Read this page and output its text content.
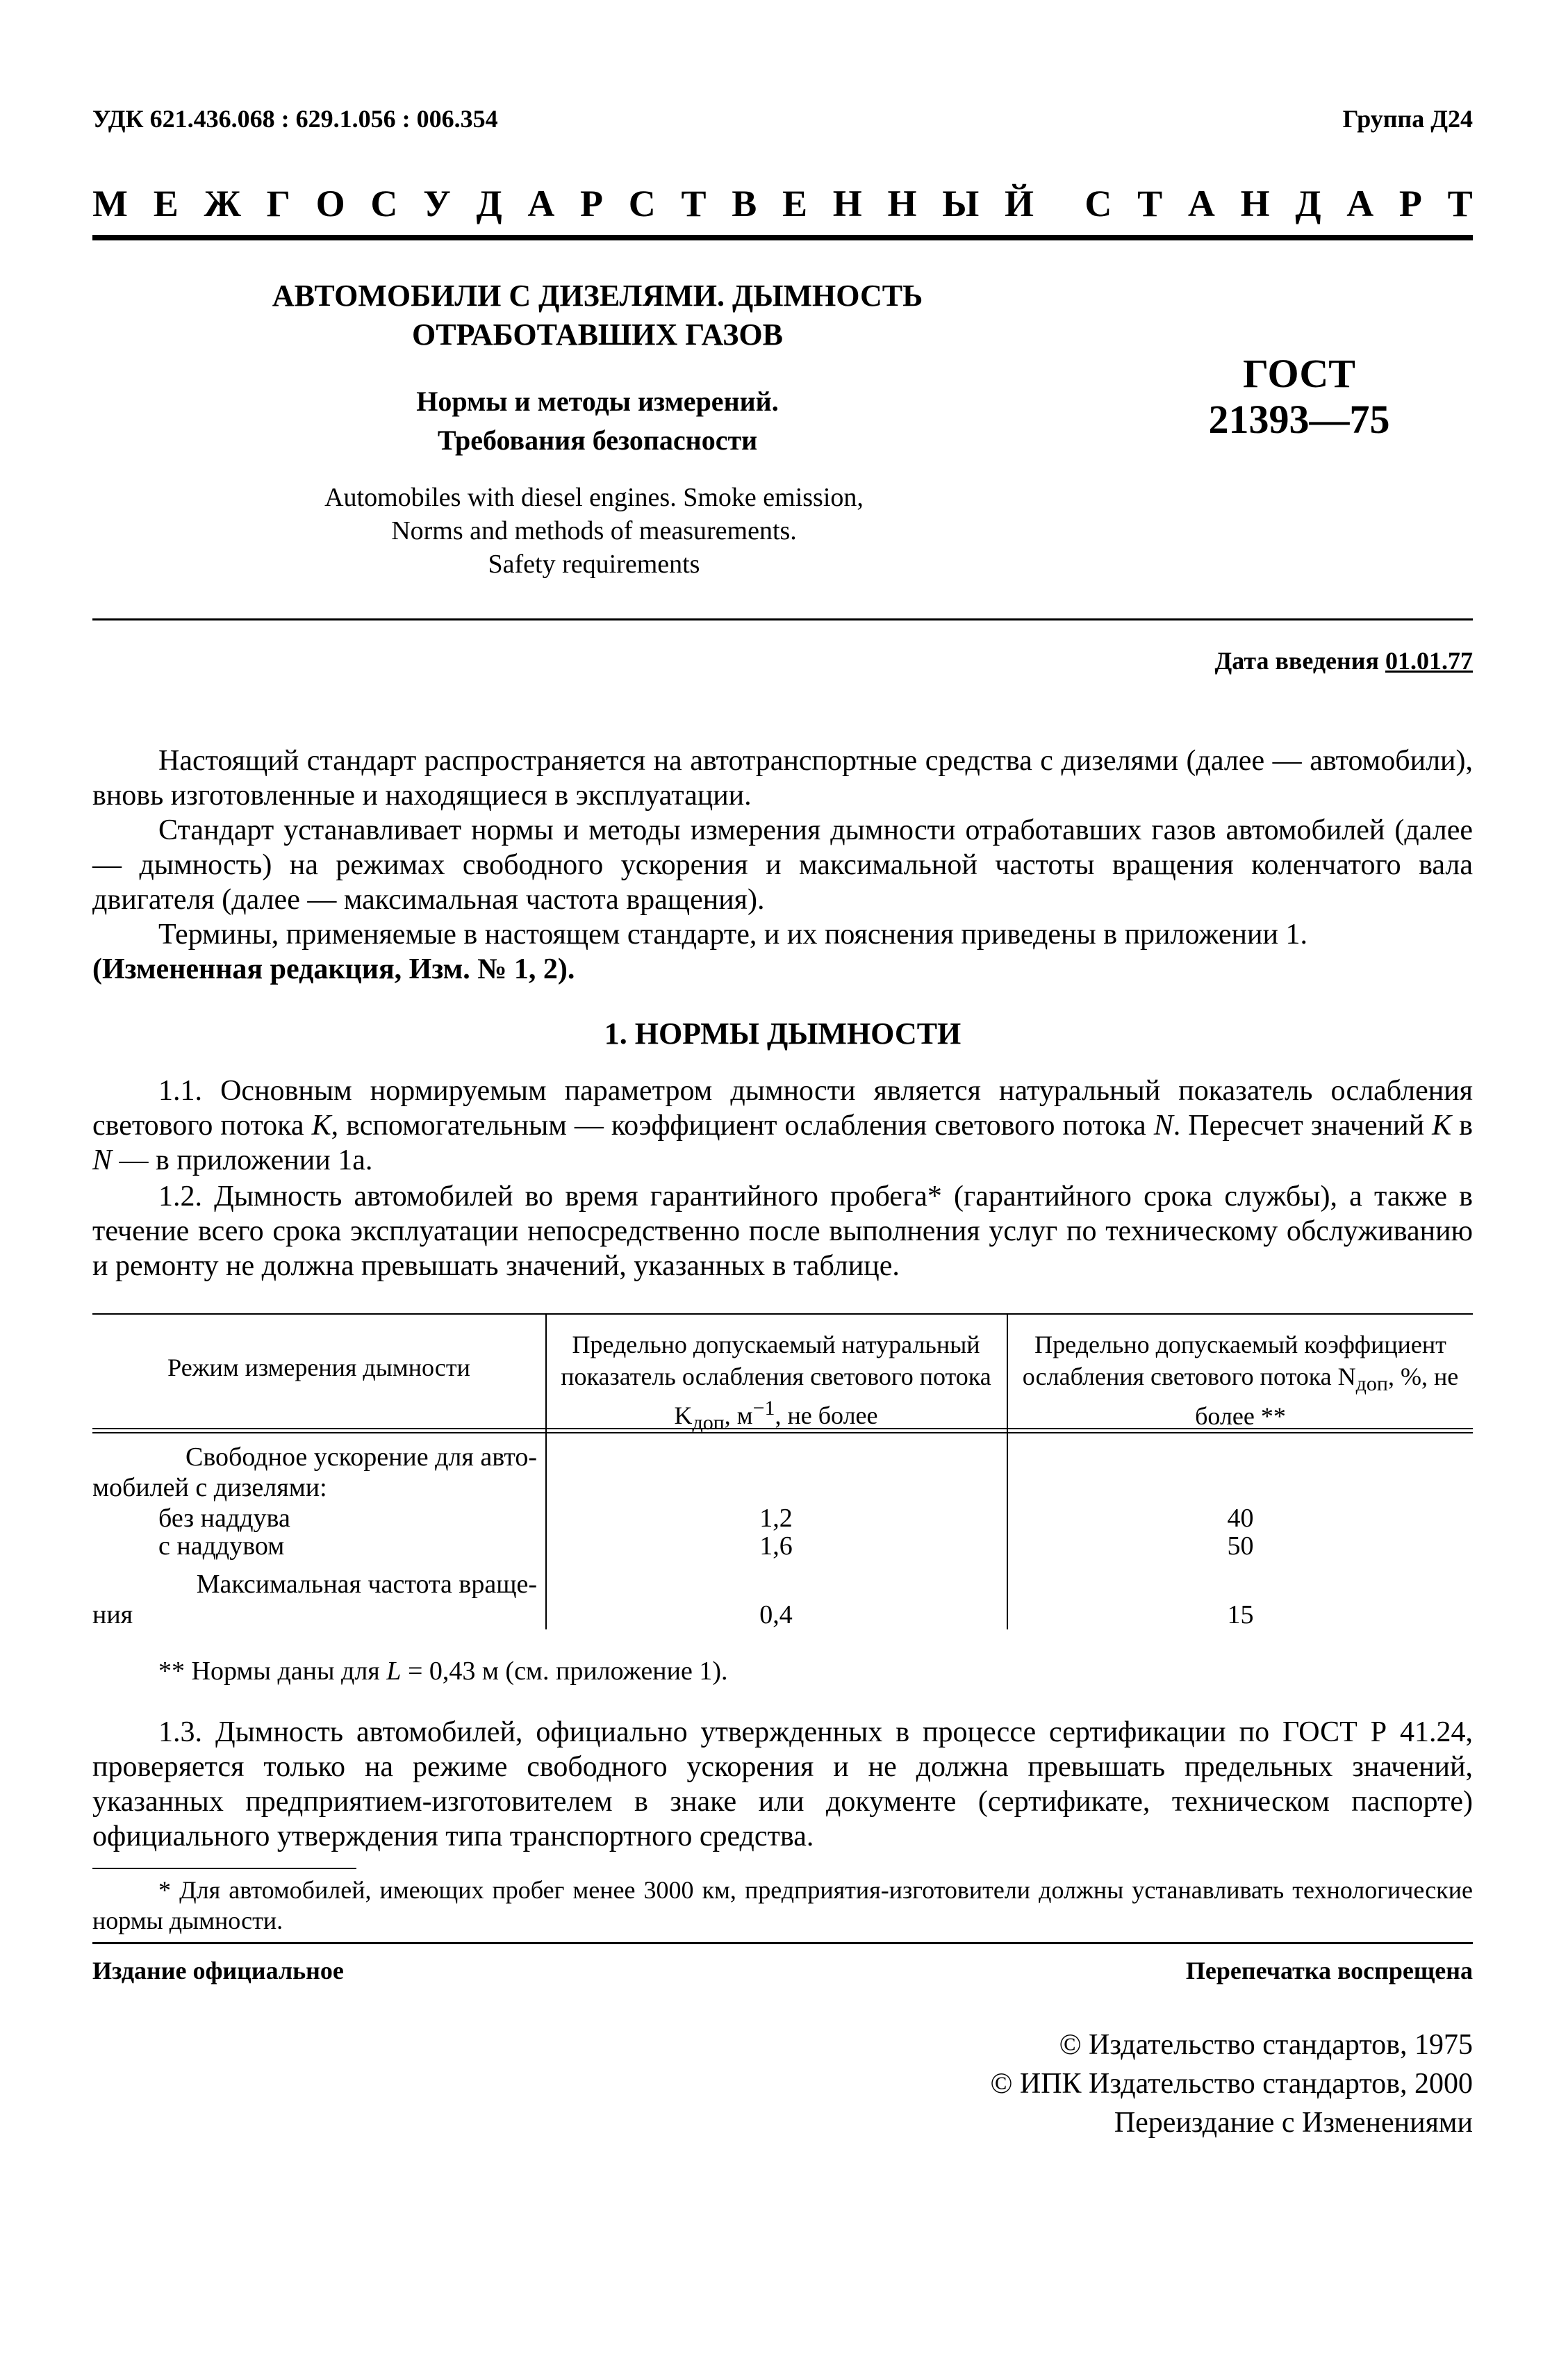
УДК 621.436.068 : 629.1.056 : 006.354	Группа Д24
М Е Ж Г О С У Д А Р С Т В Е Н Н Ы Й С Т А Н Д А Р Т
АВТОМОБИЛИ С ДИЗЕЛЯМИ. ДЫМНОСТЬ
ОТРАБОТАВШИХ ГАЗОВ
Нормы и методы измерений.
Требования безопасности
ГОСТ
21393—75
Automobiles with diesel engines. Smoke emission,
Norms and methods of measurements.
Safety requirements
Дата введения 01.01.77
Настоящий стандарт распространяется на автотранспортные средства с дизелями (далее — автомобили), вновь изготовленные и находящиеся в эксплуатации.
Стандарт устанавливает нормы и методы измерения дымности отработавших газов автомобилей (далее — дымность) на режимах свободного ускорения и максимальной частоты вращения коленчатого вала двигателя (далее — максимальная частота вращения).
Термины, применяемые в настоящем стандарте, и их пояснения приведены в приложении 1.
(Измененная редакция, Изм. № 1, 2).
1. НОРМЫ ДЫМНОСТИ
1.1. Основным нормируемым параметром дымности является натуральный показатель ослабления светового потока K, вспомогательным — коэффициент ослабления светового потока N. Пересчет значений K в N — в приложении 1а.
1.2. Дымность автомобилей во время гарантийного пробега* (гарантийного срока службы), а также в течение всего срока эксплуатации непосредственно после выполнения услуг по техническому обслуживанию и ремонту не должна превышать значений, указанных в таблице.
Режим измерения дымности
Предельно допускаемый натуральный показатель ослабления светового потока $K_{доп}$, $м^{-1}$, не более
Предельно допускаемый коэффициент ослабления светового потока $N_{доп}$, %, не более **
Свободное ускорение для авто-
мобилей с дизелями:
без наддува	1,2	40
с наддувом	1,6	50
Максимальная частота враще-
ния	0,4	15
** Нормы даны для L = 0,43 м (см. приложение 1).
1.3. Дымность автомобилей, официально утвержденных в процессе сертификации по ГОСТ Р 41.24, проверяется только на режиме свободного ускорения и не должна превышать предельных значений, указанных предприятием-изготовителем в знаке или документе (сертификате, техническом паспорте) официального утверждения типа транспортного средства.
* Для автомобилей, имеющих пробег менее 3000 км, предприятия-изготовители должны устанавливать технологические нормы дымности.
Издание официальное	Перепечатка воспрещена
© Издательство стандартов, 1975
© ИПК Издательство стандартов, 2000
Переиздание с Изменениями
